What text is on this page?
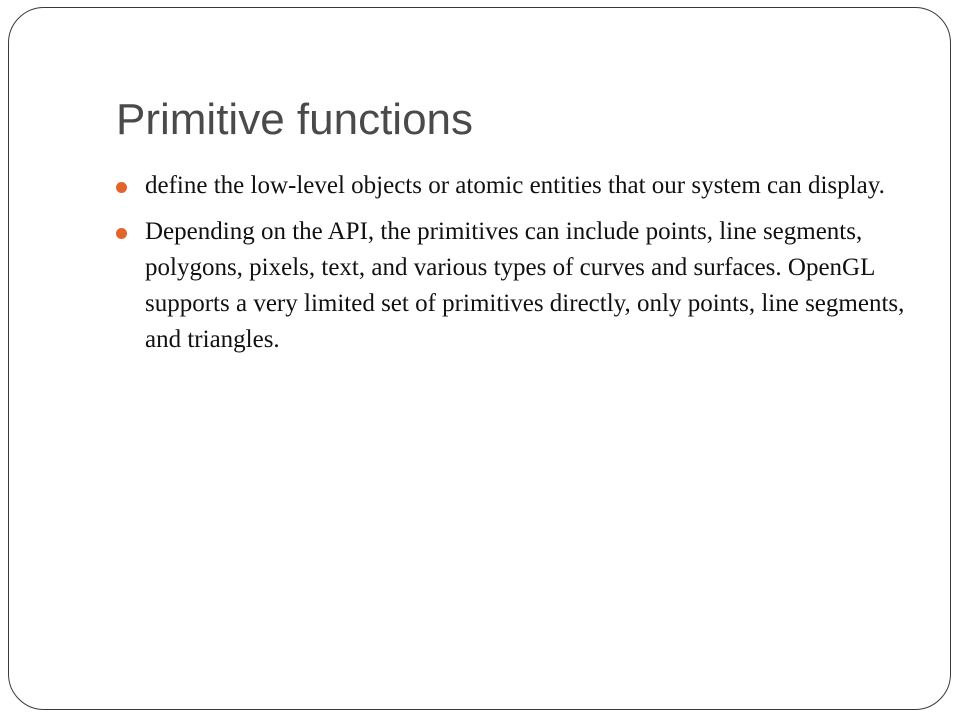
Primitive functions
define the low-level objects or atomic entities that our system can display.
Depending on the API, the primitives can include points, line segments, polygons, pixels, text, and various types of curves and surfaces. OpenGL supports a very limited set of primitives directly, only points, line segments, and triangles.
